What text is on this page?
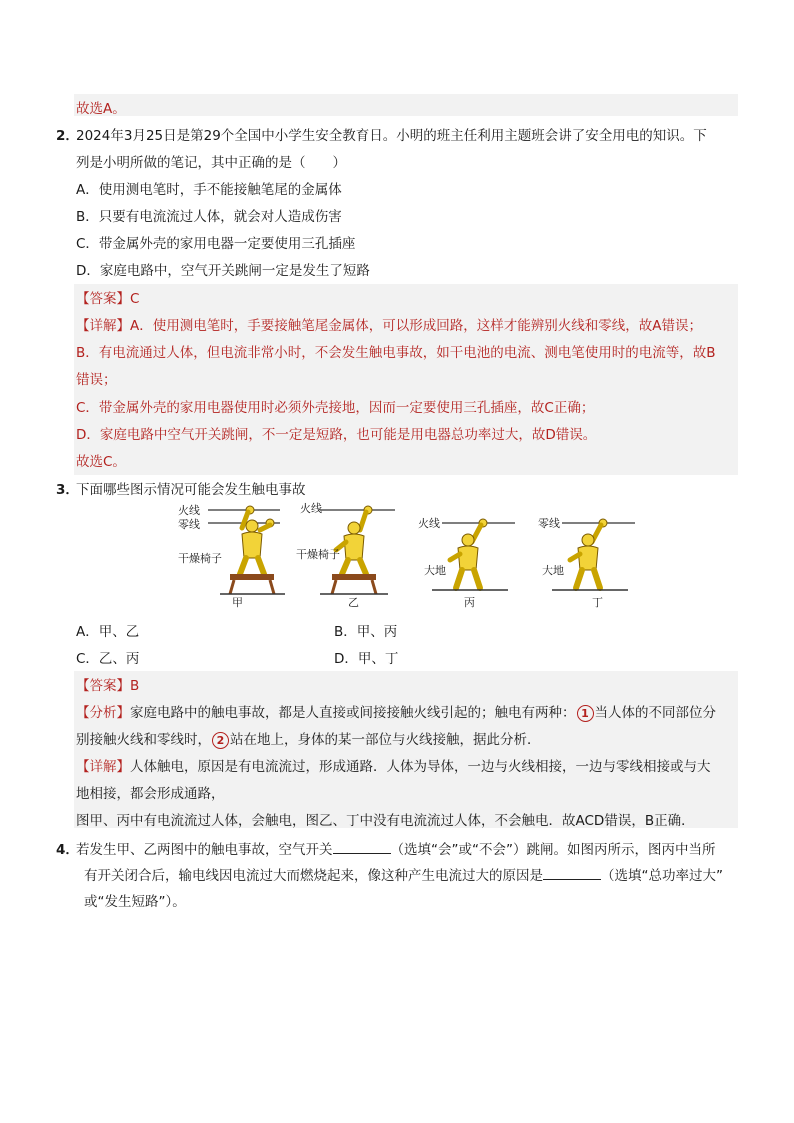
故选A。
2．
2024年3月25日是第29个全国中小学生安全教育日。小明的班主任利用主题班会讲了安全用电的知识。下
列是小明所做的笔记，其中正确的是（　　）
A．使用测电笔时，手不能接触笔尾的金属体
B．只要有电流流过人体，就会对人造成伤害
C．带金属外壳的家用电器一定要使用三孔插座
D．家庭电路中，空气开关跳闸一定是发生了短路
【答案】C
【详解】A．使用测电笔时，手要接触笔尾金属体，可以形成回路，这样才能辨别火线和零线，故A错误；
B．有电流通过人体，但电流非常小时，不会发生触电事故，如干电池的电流、测电笔使用时的电流等，故B
错误；
C．带金属外壳的家用电器使用时必须外壳接地，因而一定要使用三孔插座，故C正确；
D．家庭电路中空气开关跳闸，不一定是短路，也可能是用电器总功率过大，故D错误。
故选C。
3．
下面哪些图示情况可能会发生触电事故
火线
零线
干燥椅子
甲
火线
干燥椅子
乙
火线
大地
丙
零线
大地
丁
A．甲、乙	B．甲、丙
C．乙、丙	D．甲、丁
【答案】B
【分析】家庭电路中的触电事故，都是人直接或间接接触火线引起的；触电有两种： 1 当人体的不同部位分
别接触火线和零线时， 2 站在地上，身体的某一部位与火线接触，据此分析．
【详解】人体触电，原因是有电流流过，形成通路．人体为导体，一边与火线相接，一边与零线相接或与大
地相接，都会形成通路，
图甲、丙中有电流流过人体，会触电，图乙、丁中没有电流流过人体，不会触电．故ACD错误，B正确．
4．
若发生甲、乙两图中的触电事故，空气开关	（选填“会”或“不会”）跳闸。如图丙所示，图丙中当所
有开关闭合后，输电线因电流过大而燃烧起来，像这种产生电流过大的原因是	（选填“总功率过大”
或“发生短路”）。
